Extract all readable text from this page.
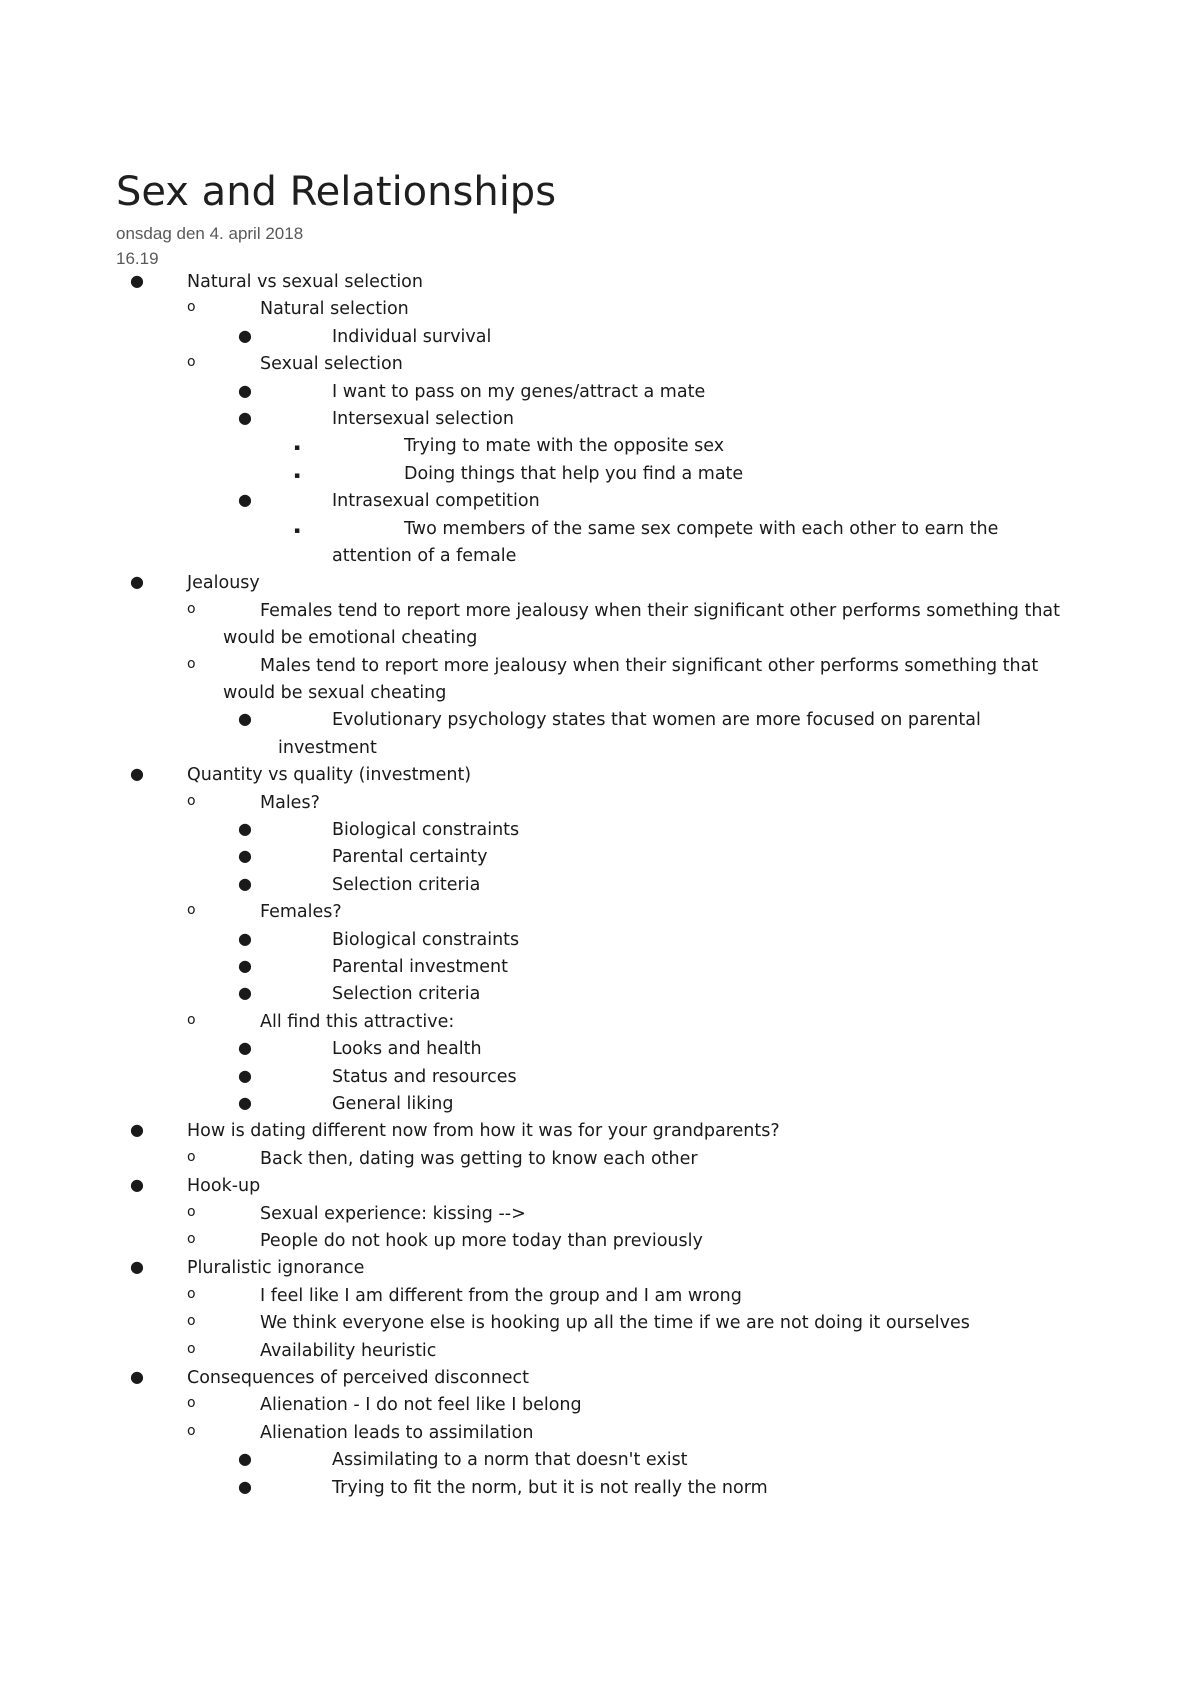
Sex and Relationships
onsdag den 4. april 2018
16.19
● Natural vs sexual selection
o	Natural selection
●	Individual survival
o	Sexual selection
●	I want to pass on my genes/attract a mate
●	Intersexual selection
▪	Trying to mate with the opposite sex
▪	Doing things that help you find a mate
●	Intrasexual competition
▪	Two members of the same sex compete with each other to earn the
attention of a female
● Jealousy
o	Females tend to report more jealousy when their significant other performs something that
would be emotional cheating
o	Males tend to report more jealousy when their significant other performs something that
would be sexual cheating
●	Evolutionary psychology states that women are more focused on parental
investment
● Quantity vs quality (investment)
o	Males?
●	Biological constraints
●	Parental certainty
●	Selection criteria
o	Females?
●	Biological constraints
●	Parental investment
●	Selection criteria
o	All find this attractive:
●	Looks and health
●	Status and resources
●	General liking
● How is dating different now from how it was for your grandparents?
o	Back then, dating was getting to know each other
● Hook-up
o	Sexual experience: kissing -->
o	People do not hook up more today than previously
● Pluralistic ignorance
o	I feel like I am different from the group and I am wrong
o	We think everyone else is hooking up all the time if we are not doing it ourselves
o	Availability heuristic
● Consequences of perceived disconnect
o	Alienation - I do not feel like I belong
o	Alienation leads to assimilation
●	Assimilating to a norm that doesn't exist
●	Trying to fit the norm, but it is not really the norm
